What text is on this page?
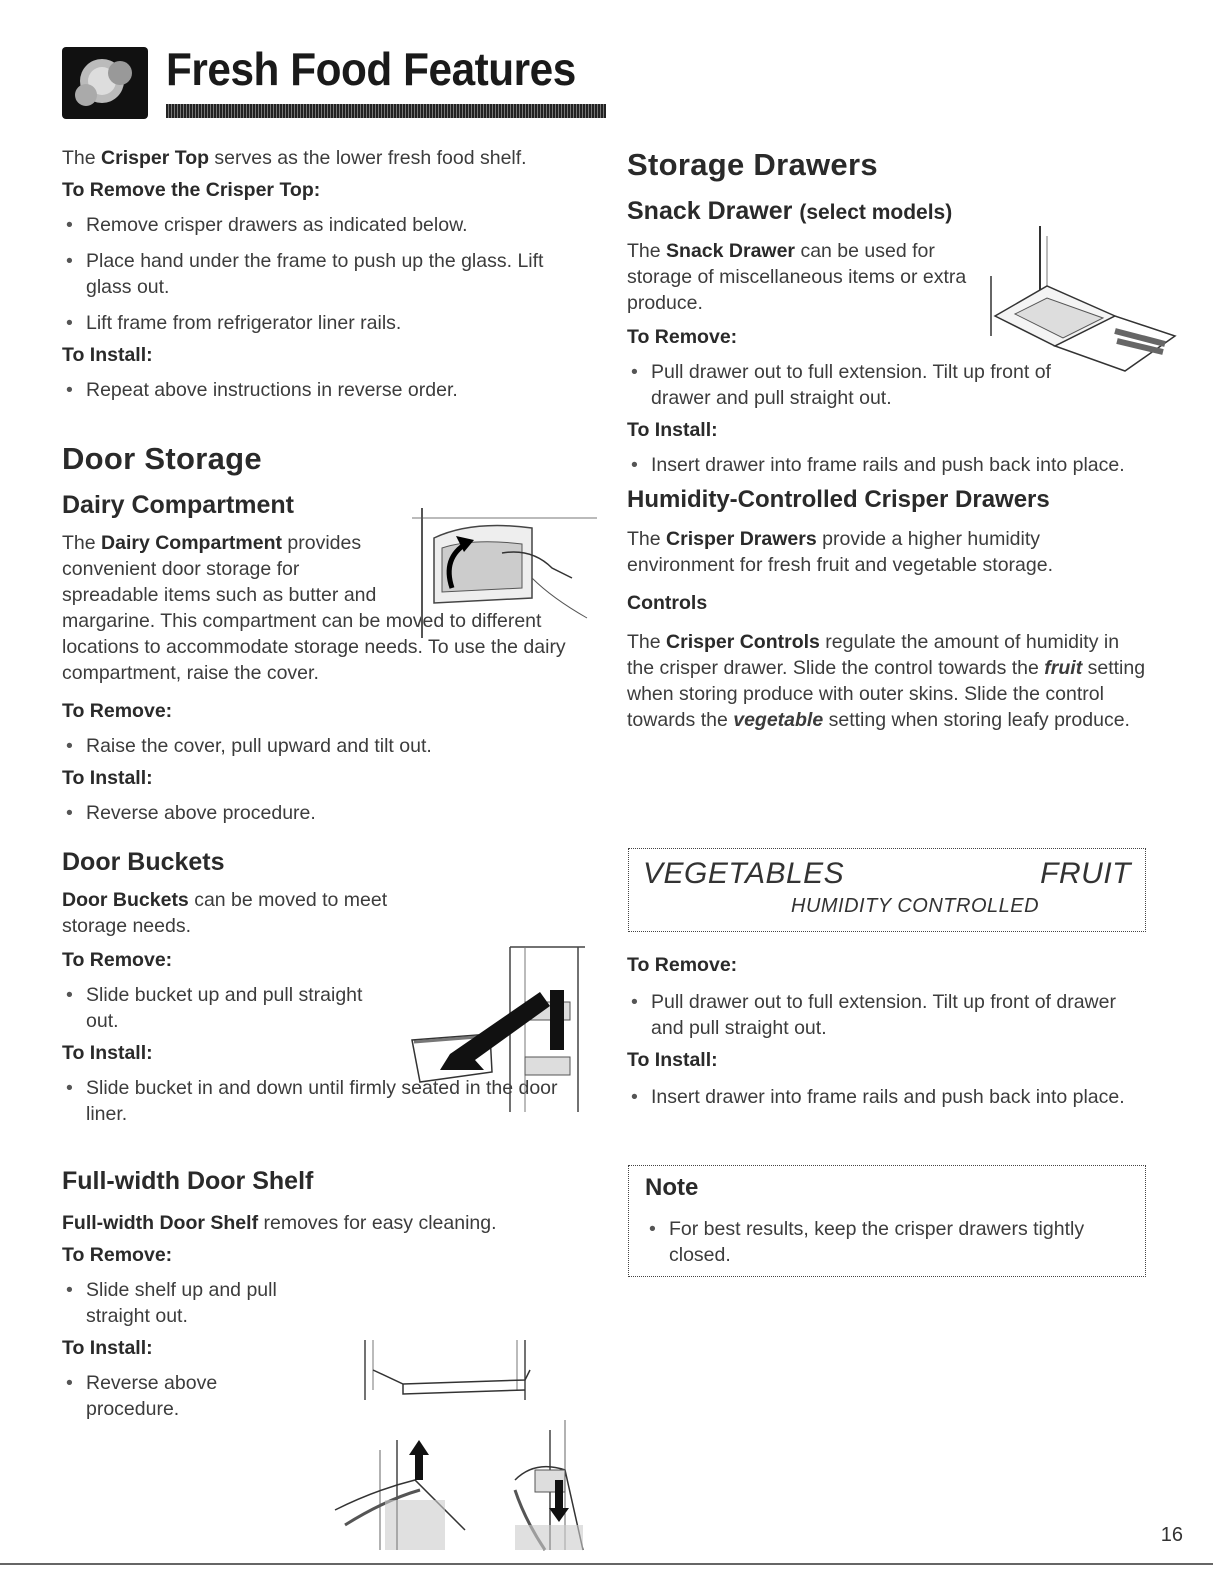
Fresh Food Features
The Crisper Top serves as the lower fresh food shelf.
To Remove the Crisper Top:
• Remove crisper drawers as indicated below.
• Place hand under the frame to push up the glass. Lift glass out.
• Lift frame from refrigerator liner rails.
To Install:
• Repeat above instructions in reverse order.
Door Storage
Dairy Compartment
The Dairy Compartment provides convenient door storage for spreadable items such as butter and margarine. This compartment can be moved to different locations to accommodate storage needs. To use the dairy compartment, raise the cover.
To Remove:
• Raise the cover, pull upward and tilt out.
To Install:
• Reverse above procedure.
Door Buckets
Door Buckets can be moved to meet storage needs.
To Remove:
• Slide bucket up and pull straight out.
To Install:
• Slide bucket in and down until firmly seated in the door liner.
Full-width Door Shelf
Full-width Door Shelf removes for easy cleaning.
To Remove:
• Slide shelf up and pull straight out.
To Install:
• Reverse above procedure.
Storage Drawers
Snack Drawer (select models)
The Snack Drawer can be used for storage of miscellaneous items or extra produce.
To Remove:
• Pull drawer out to full extension. Tilt up front of drawer and pull straight out.
To Install:
• Insert drawer into frame rails and push back into place.
Humidity-Controlled Crisper Drawers
The Crisper Drawers provide a higher humidity environment for fresh fruit and vegetable storage.
Controls
The Crisper Controls regulate the amount of humidity in the crisper drawer. Slide the control towards the fruit setting when storing produce with outer skins. Slide the control towards the vegetable setting when storing leafy produce.
VEGETABLES	FRUIT
HUMIDITY CONTROLLED
To Remove:
• Pull drawer out to full extension. Tilt up front of drawer and pull straight out.
To Install:
• Insert drawer into frame rails and push back into place.
Note
• For best results, keep the crisper drawers tightly closed.
16
